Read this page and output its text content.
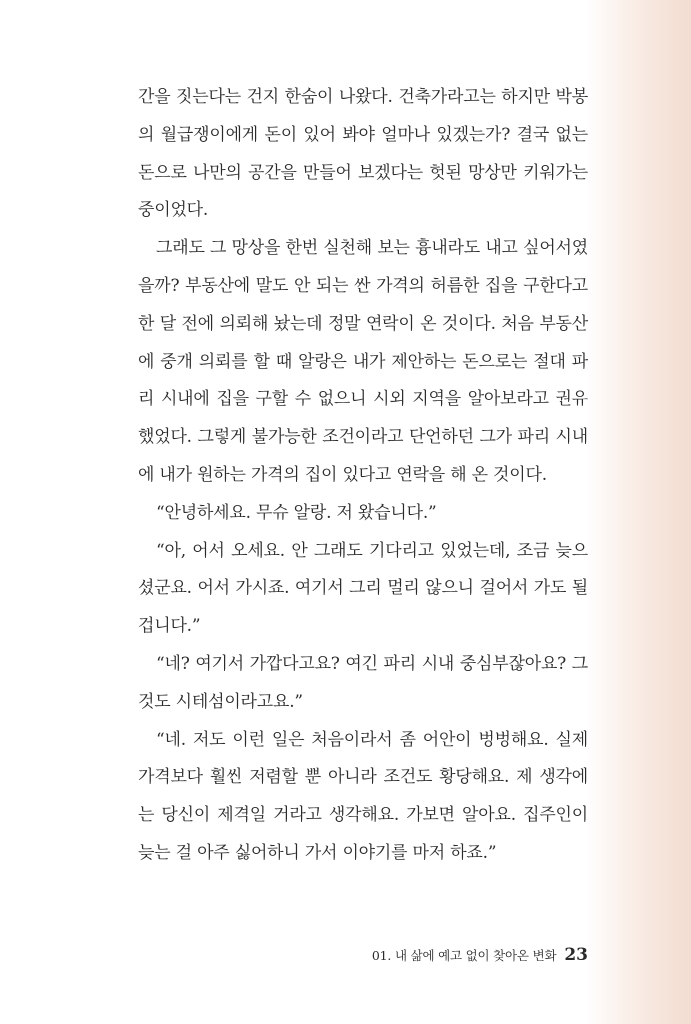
간을 짓는다는 건지 한숨이 나왔다. 건축가라고는 하지만 박봉의 월급쟁이에게 돈이 있어 봐야 얼마나 있겠는가? 결국 없는 돈으로 나만의 공간을 만들어 보겠다는 헛된 망상만 키워가는 중이었다.

그래도 그 망상을 한번 실천해 보는 흉내라도 내고 싶어서였을까? 부동산에 말도 안 되는 싼 가격의 허름한 집을 구한다고 한 달 전에 의뢰해 놨는데 정말 연락이 온 것이다. 처음 부동산에 중개 의뢰를 할 때 알랑은 내가 제안하는 돈으로는 절대 파리 시내에 집을 구할 수 없으니 시외 지역을 알아보라고 권유했었다. 그렇게 불가능한 조건이라고 단언하던 그가 파리 시내에 내가 원하는 가격의 집이 있다고 연락을 해 온 것이다.

“안녕하세요. 무슈 알랑. 저 왔습니다.”

“아, 어서 오세요. 안 그래도 기다리고 있었는데, 조금 늦으셨군요. 어서 가시죠. 여기서 그리 멀리 않으니 걸어서 가도 될 겁니다.”

“네? 여기서 가깝다고요? 여긴 파리 시내 중심부잖아요? 그것도 시테섬이라고요.”

“네. 저도 이런 일은 처음이라서 좀 어안이 벙벙해요. 실제 가격보다 훨씬 저렴할 뿐 아니라 조건도 황당해요. 제 생각에는 당신이 제격일 거라고 생각해요. 가보면 알아요. 집주인이 늦는 걸 아주 싫어하니 가서 이야기를 마저 하죠.”

01. 내 삶에 예고 없이 찾아온 변화 23
